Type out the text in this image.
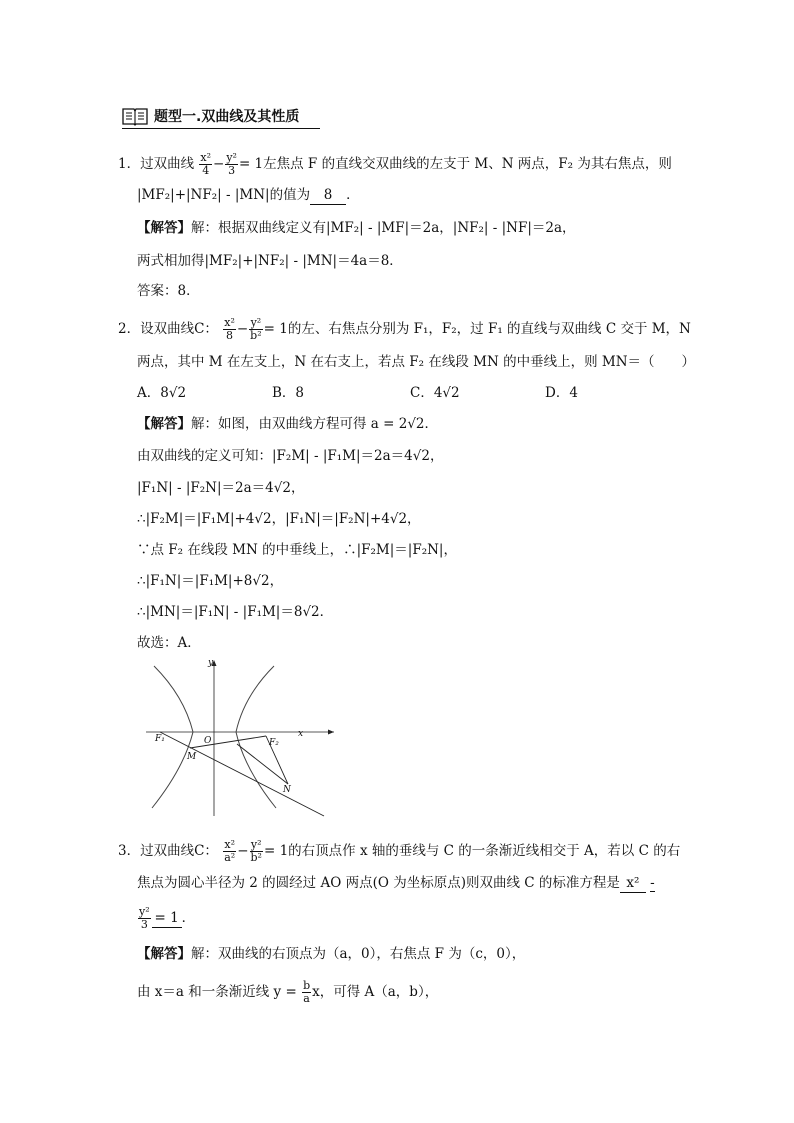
题型一.双曲线及其性质
1．过双曲线 $\frac{\text{x²}}{4} - \frac{\text{y²}}{3} = 1$左焦点 F 的直线交双曲线的左支于 M、N 两点，F₂ 为其右焦点，则
|MF₂|+|NF₂| - |MN|的值为 8 ．
【解答】解：根据双曲线定义有|MF₂| - |MF|＝2a，|NF₂| - |NF|＝2a，
两式相加得|MF₂|+|NF₂| - |MN|＝4a＝8．
答案：8．
2．设双曲线C： $\frac{\text{x²}}{8} - \frac{\text{y²}}{\text{b²}} = 1$的左、右焦点分别为 F₁，F₂，过 F₁ 的直线与双曲线 C 交于 M，N
两点，其中 M 在左支上，N 在右支上，若点 F₂ 在线段 MN 的中垂线上，则 MN＝（　　）
A．8√2	B．8	C．4√2	D．4
【解答】解：如图，由双曲线方程可得 a = 2√2．
由双曲线的定义可知：|F₂M| - |F₁M|＝2a＝4√2，
|F₁N| - |F₂N|＝2a＝4√2，
∴|F₂M|＝|F₁M|+4√2，|F₁N|＝|F₂N|+4√2，
∵点 F₂ 在线段 MN 的中垂线上，∴|F₂M|＝|F₂N|，
∴|F₁N|＝|F₁M|+8√2，
∴|MN|＝|F₁N| - |F₁M|＝8√2．
故选：A．
y
x
O
F₁	F₂
M
N
3．过双曲线C： $\frac{\text{x²}}{\text{a²}} - \frac{\text{y²}}{\text{b²}} = 1$的右顶点作 x 轴的垂线与 C 的一条渐近线相交于 A，若以 C 的右
焦点为圆心半径为 2 的圆经过 AO 两点(O 为坐标原点)则双曲线 C 的标准方程是 x² -
$\frac{\text{y²}}{3} = 1$ ．
【解答】解：双曲线的右顶点为（a，0），右焦点 F 为（c，0），
由 x＝a 和一条渐近线 $y = \frac{b}{a}$ x，可得 A（a，b），
